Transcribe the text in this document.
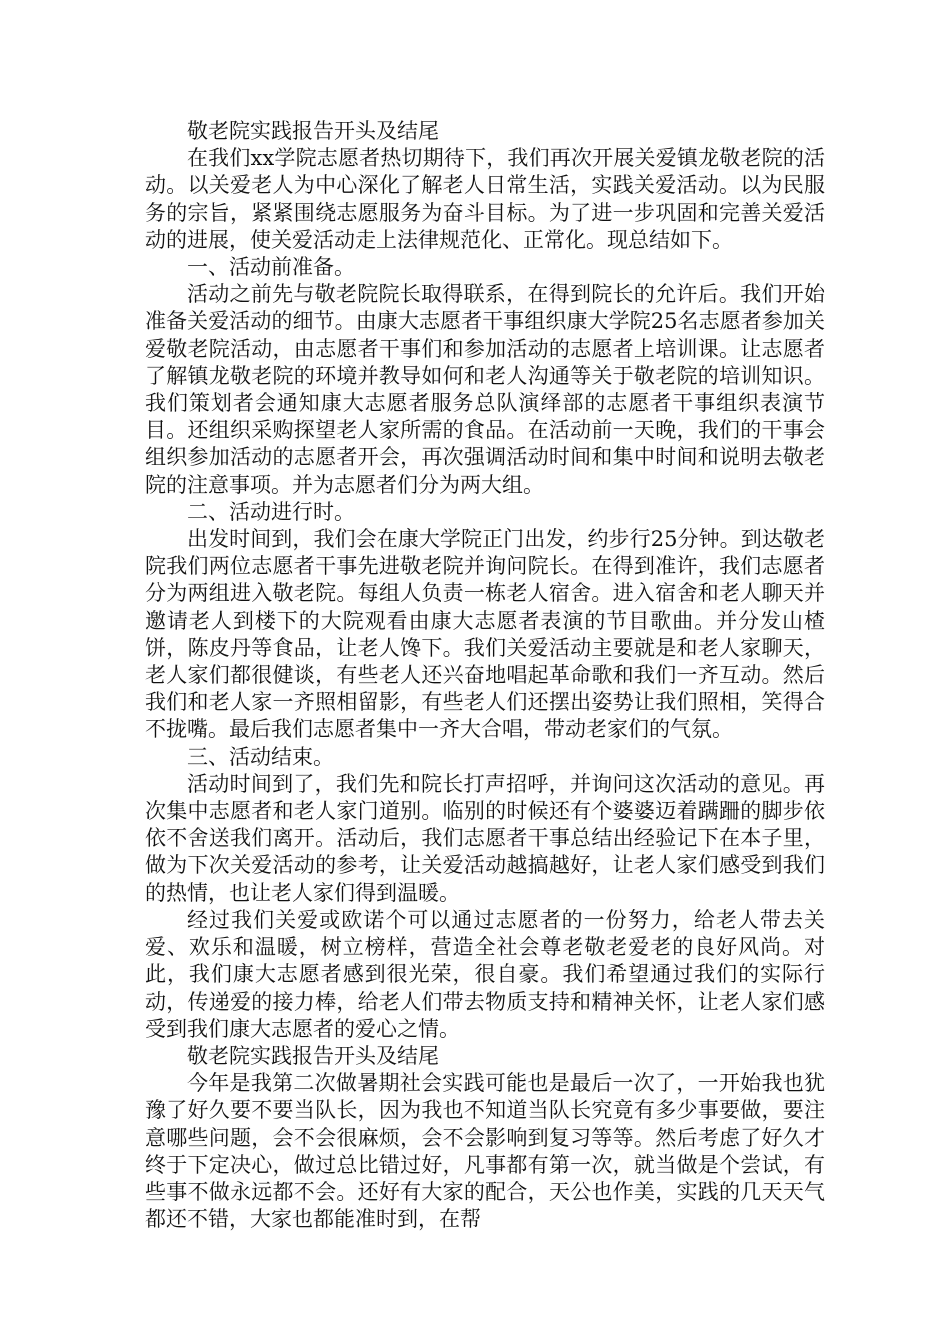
敬老院实践报告开头及结尾

在我们xx学院志愿者热切期待下，我们再次开展关爱镇龙敬老院的活动。以关爱老人为中心深化了解老人日常生活，实践关爱活动。以为民服务的宗旨，紧紧围绕志愿服务为奋斗目标。为了进一步巩固和完善关爱活动的进展，使关爱活动走上法律规范化、正常化。现总结如下。

一、活动前准备。

活动之前先与敬老院院长取得联系，在得到院长的允许后。我们开始准备关爱活动的细节。由康大志愿者干事组织康大学院25名志愿者参加关爱敬老院活动，由志愿者干事们和参加活动的志愿者上培训课。让志愿者了解镇龙敬老院的环境并教导如何和老人沟通等关于敬老院的培训知识。我们策划者会通知康大志愿者服务总队演绎部的志愿者干事组织表演节目。还组织采购探望老人家所需的食品。在活动前一天晚，我们的干事会组织参加活动的志愿者开会，再次强调活动时间和集中时间和说明去敬老院的注意事项。并为志愿者们分为两大组。

二、活动进行时。

出发时间到，我们会在康大学院正门出发，约步行25分钟。到达敬老院我们两位志愿者干事先进敬老院并询问院长。在得到准许，我们志愿者分为两组进入敬老院。每组人负责一栋老人宿舍。进入宿舍和老人聊天并邀请老人到楼下的大院观看由康大志愿者表演的节目歌曲。并分发山楂饼，陈皮丹等食品，让老人馋下。我们关爱活动主要就是和老人家聊天，老人家们都很健谈，有些老人还兴奋地唱起革命歌和我们一齐互动。然后我们和老人家一齐照相留影，有些老人们还摆出姿势让我们照相，笑得合不拢嘴。最后我们志愿者集中一齐大合唱，带动老家们的气氛。

三、活动结束。

活动时间到了，我们先和院长打声招呼，并询问这次活动的意见。再次集中志愿者和老人家门道别。临别的时候还有个婆婆迈着蹒跚的脚步依依不舍送我们离开。活动后，我们志愿者干事总结出经验记下在本子里，做为下次关爱活动的参考，让关爱活动越搞越好，让老人家们感受到我们的热情，也让老人家们得到温暖。

经过我们关爱或欧诺个可以通过志愿者的一份努力，给老人带去关爱、欢乐和温暖，树立榜样，营造全社会尊老敬老爱老的良好风尚。对此，我们康大志愿者感到很光荣，很自豪。我们希望通过我们的实际行动，传递爱的接力棒，给老人们带去物质支持和精神关怀，让老人家们感受到我们康大志愿者的爱心之情。

敬老院实践报告开头及结尾

今年是我第二次做暑期社会实践可能也是最后一次了，一开始我也犹豫了好久要不要当队长，因为我也不知道当队长究竟有多少事要做，要注意哪些问题，会不会很麻烦，会不会影响到复习等等。然后考虑了好久才终于下定决心，做过总比错过好，凡事都有第一次，就当做是个尝试，有些事不做永远都不会。还好有大家的配合，天公也作美，实践的几天天气都还不错，大家也都能准时到，在帮
